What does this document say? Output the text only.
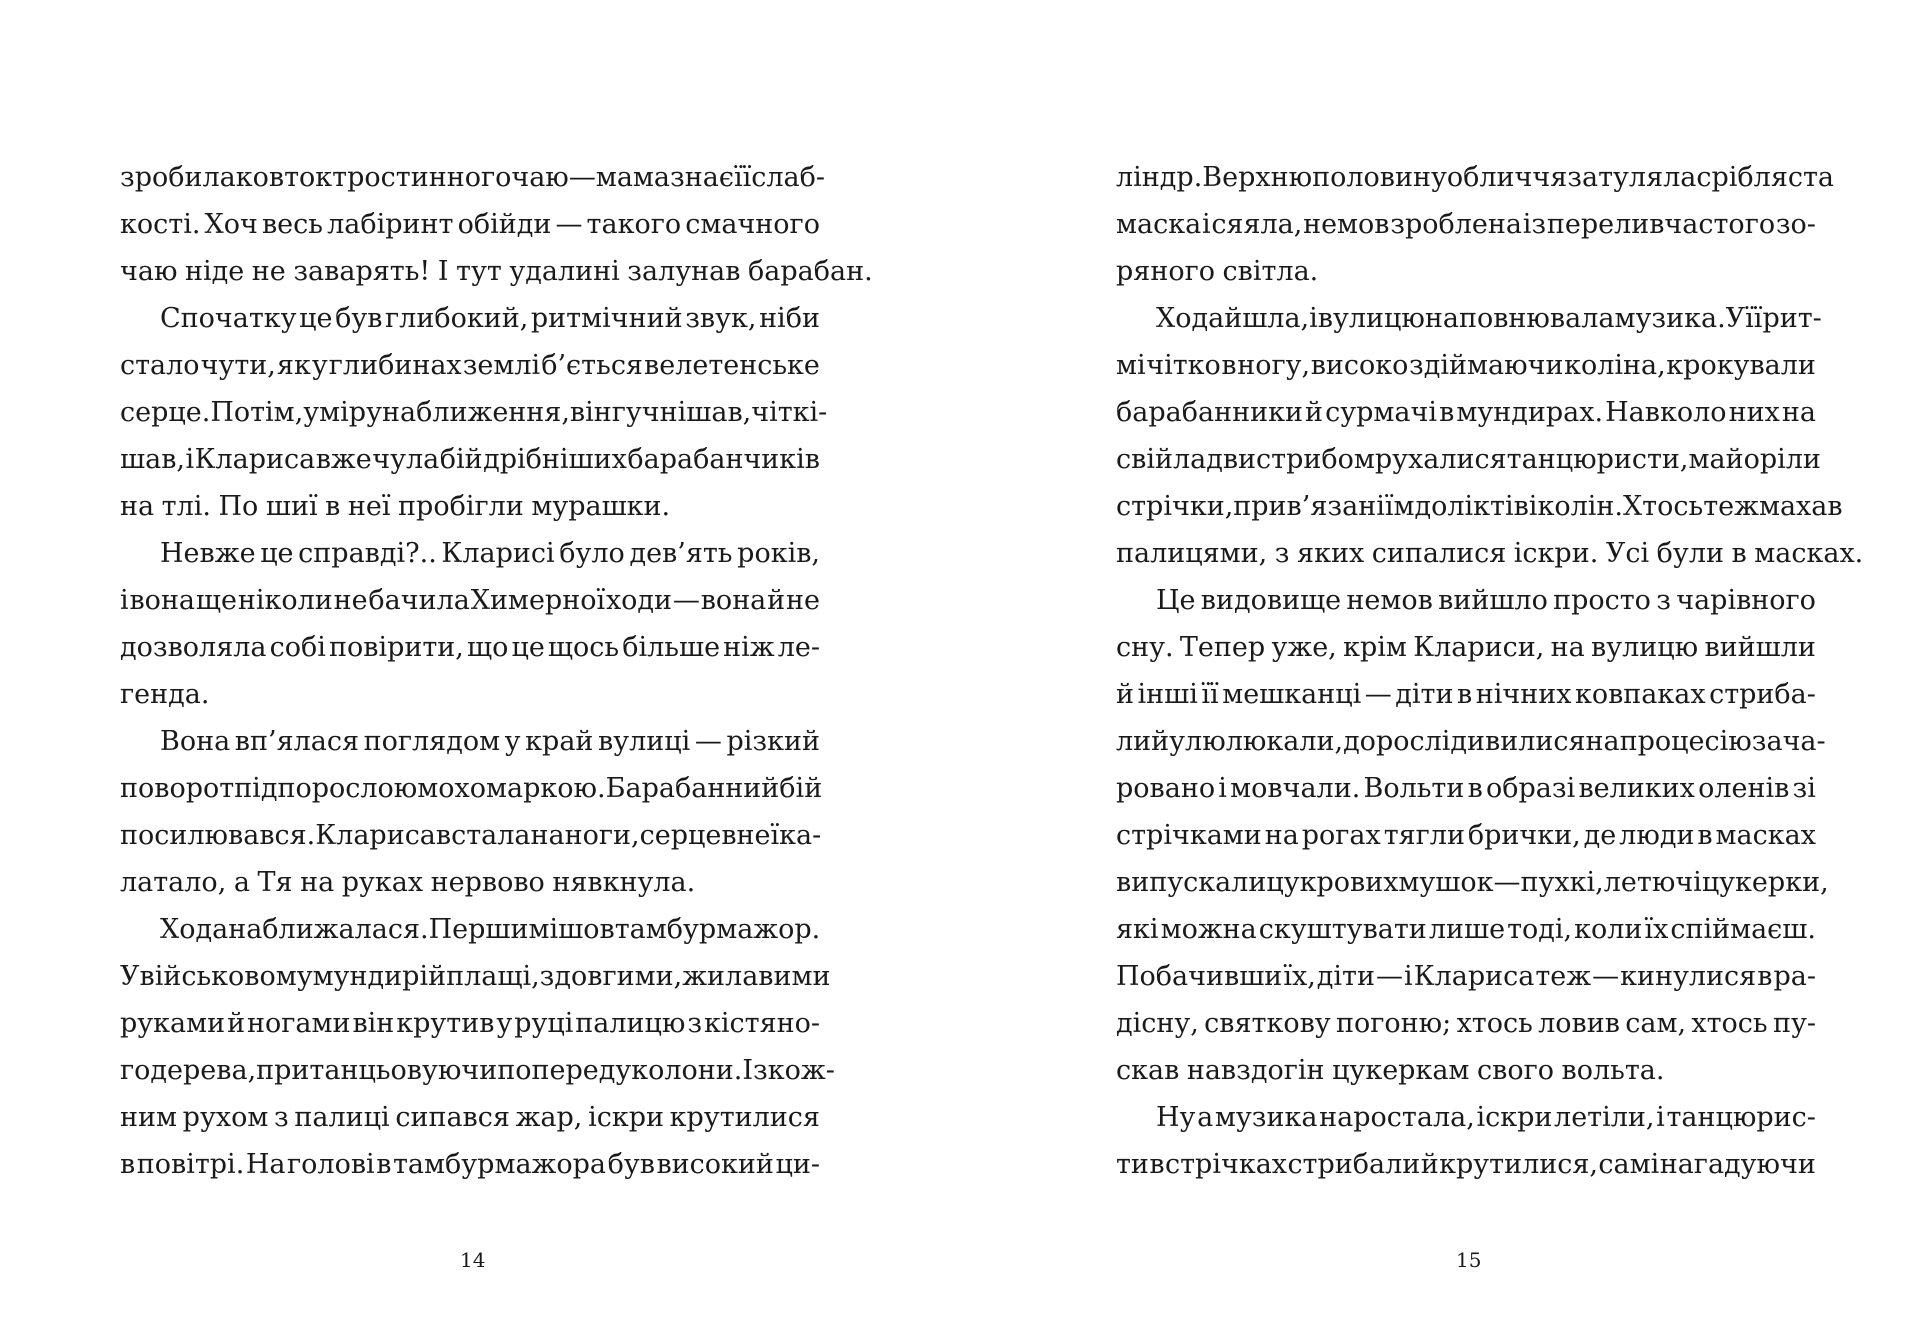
зробила ковток тростинного чаю — мама знає її слаб-
кості. Хоч весь лабіринт обійди — такого смачного
чаю ніде не заварять! І тут удалині залунав барабан.
Спочатку це був глибокий, ритмічний звук, ніби
стало чути, як у глибинах землі б’ється велетенське
серце. Потім, у міру наближення, він гучнішав, чіткі-
шав, і Клариса вже чула бій дрібніших барабанчиків
на тлі. По шиї в неї пробігли мурашки.
Невже це справді?.. Кларисі було дев’ять років,
і вона ще ніколи не бачила Химерної ходи — вона й не
дозволяла собі повірити, що це щось більше ніж ле-
генда.
Вона вп’ялася поглядом у край вулиці — різкий
поворот під порослою мохом аркою. Барабанний бій
посилювався. Клариса встала на ноги, серце в неї ка-
латало, а Тя на руках нервово нявкнула.
Хода наближалася. Першим ішов тамбурмажор.
У військовому мундирі й плащі, з довгими, жилавими
руками й ногами він крутив у руці палицю з кістяно-
го дерева, пританцьовуючи попереду колони. Із кож-
ним рухом з палиці сипався жар, іскри крутилися
в повітрі. На голові в тамбурмажора був високий ци-
14
ліндр. Верхню половину обличчя затуляла срібляста
маска і сяяла, немов зроблена із переливчастого зо-
ряного світла.
Хода йшла, і вулицю наповнювала музика. У її рит-
мі чітко в ногу, високо здіймаючи коліна, крокували
барабанники й сурмачі в мундирах. Навколо них на
свій лад вистрибом рухалися танцюристи, майоріли
стрічки, прив’язані їм до ліктів і колін. Хтось теж махав
палицями, з яких сипалися іскри. Усі були в масках.
Це видовище немов вийшло просто з чарівного
сну. Тепер уже, крім Клариси, на вулицю вийшли
й інші її мешканці — діти в нічних ковпаках стриба-
ли й улюлюкали, дорослі дивилися на процесію зача-
ровано і мовчали. Вольти в образі великих оленів зі
стрічками на рогах тягли брички, де люди в масках
випускали цукрових мушок — пухкі, летючі цукерки,
які можна скуштувати лише тоді, коли їх спіймаєш.
Побачивши їх, діти — і Клариса теж — кинулися в ра-
дісну, святкову погоню; хтось ловив сам, хтось пу-
скав навздогін цукеркам свого вольта.
Ну а музика наростала, іскри летіли, і танцюрис-
ти в стрічках стрибали й крутилися, самі нагадуючи
15
